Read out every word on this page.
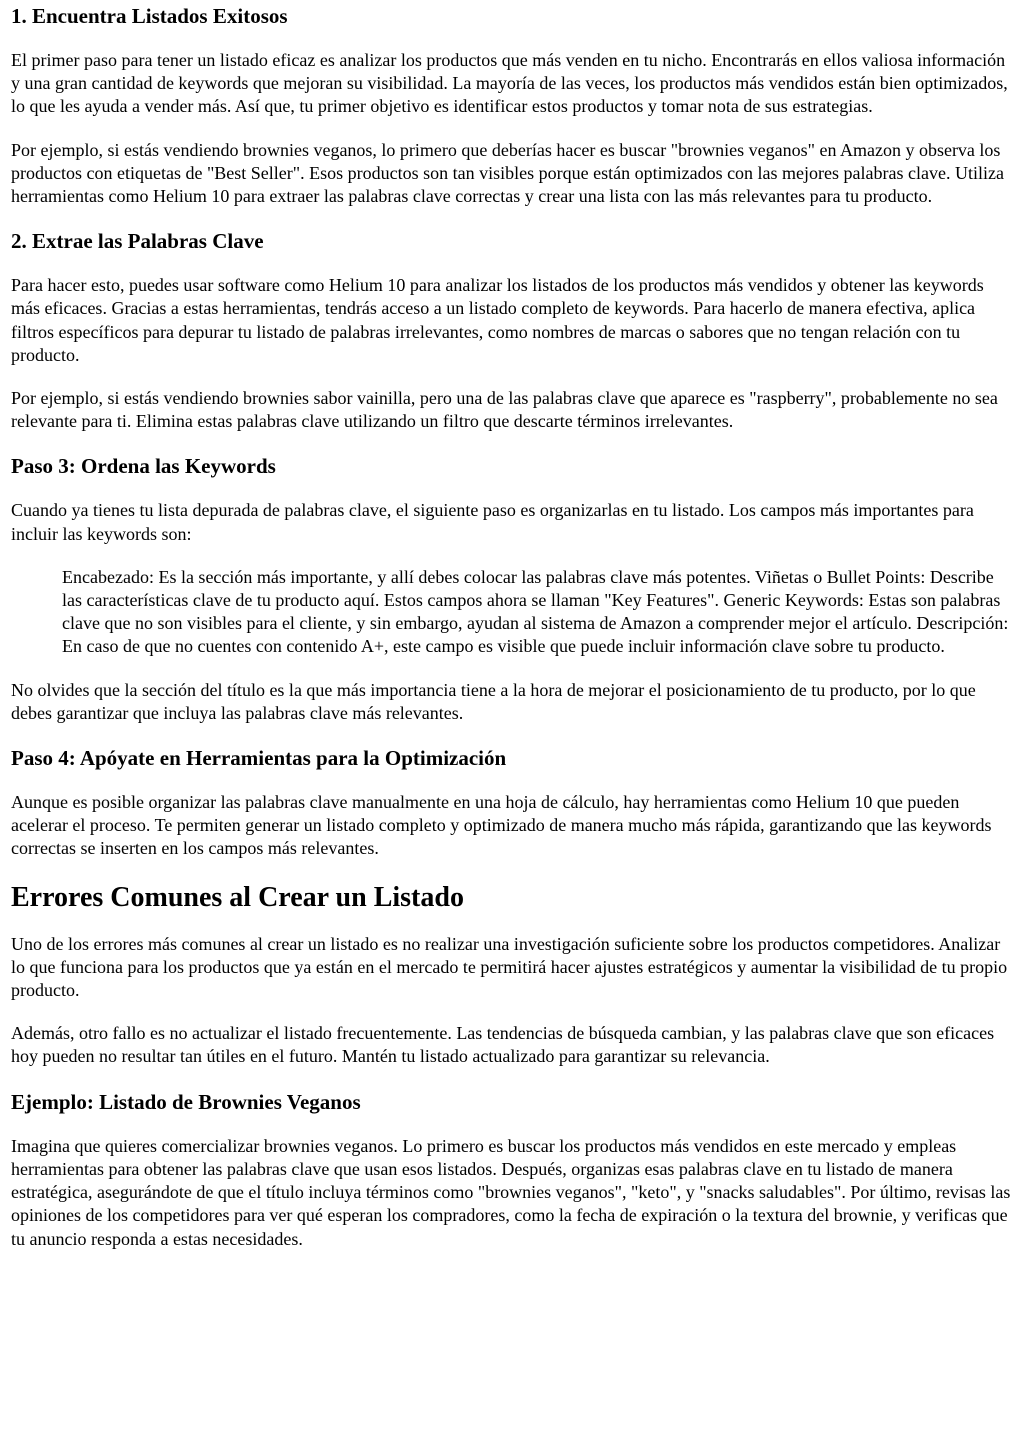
1. Encuentra Listados Exitosos

El primer paso para tener un listado eficaz es analizar los productos que más venden en tu nicho. Encontrarás en ellos valiosa información y una gran cantidad de keywords que mejoran su visibilidad. La mayoría de las veces, los productos más vendidos están bien optimizados, lo que les ayuda a vender más. Así que, tu primer objetivo es identificar estos productos y tomar nota de sus estrategias.

Por ejemplo, si estás vendiendo brownies veganos, lo primero que deberías hacer es buscar "brownies veganos" en Amazon y observa los productos con etiquetas de "Best Seller". Esos productos son tan visibles porque están optimizados con las mejores palabras clave. Utiliza herramientas como Helium 10 para extraer las palabras clave correctas y crear una lista con las más relevantes para tu producto.

2. Extrae las Palabras Clave

Para hacer esto, puedes usar software como Helium 10 para analizar los listados de los productos más vendidos y obtener las keywords más eficaces. Gracias a estas herramientas, tendrás acceso a un listado completo de keywords. Para hacerlo de manera efectiva, aplica filtros específicos para depurar tu listado de palabras irrelevantes, como nombres de marcas o sabores que no tengan relación con tu producto.

Por ejemplo, si estás vendiendo brownies sabor vainilla, pero una de las palabras clave que aparece es "raspberry", probablemente no sea relevante para ti. Elimina estas palabras clave utilizando un filtro que descarte términos irrelevantes.

Paso 3: Ordena las Keywords

Cuando ya tienes tu lista depurada de palabras clave, el siguiente paso es organizarlas en tu listado. Los campos más importantes para incluir las keywords son:

Encabezado: Es la sección más importante, y allí debes colocar las palabras clave más potentes. Viñetas o Bullet Points: Describe las características clave de tu producto aquí. Estos campos ahora se llaman "Key Features". Generic Keywords: Estas son palabras clave que no son visibles para el cliente, y sin embargo, ayudan al sistema de Amazon a comprender mejor el artículo. Descripción: En caso de que no cuentes con contenido A+, este campo es visible que puede incluir información clave sobre tu producto.

No olvides que la sección del título es la que más importancia tiene a la hora de mejorar el posicionamiento de tu producto, por lo que debes garantizar que incluya las palabras clave más relevantes.

Paso 4: Apóyate en Herramientas para la Optimización

Aunque es posible organizar las palabras clave manualmente en una hoja de cálculo, hay herramientas como Helium 10 que pueden acelerar el proceso. Te permiten generar un listado completo y optimizado de manera mucho más rápida, garantizando que las keywords correctas se inserten en los campos más relevantes.

Errores Comunes al Crear un Listado

Uno de los errores más comunes al crear un listado es no realizar una investigación suficiente sobre los productos competidores. Analizar lo que funciona para los productos que ya están en el mercado te permitirá hacer ajustes estratégicos y aumentar la visibilidad de tu propio producto.

Además, otro fallo es no actualizar el listado frecuentemente. Las tendencias de búsqueda cambian, y las palabras clave que son eficaces hoy pueden no resultar tan útiles en el futuro. Mantén tu listado actualizado para garantizar su relevancia.

Ejemplo: Listado de Brownies Veganos

Imagina que quieres comercializar brownies veganos. Lo primero es buscar los productos más vendidos en este mercado y empleas herramientas para obtener las palabras clave que usan esos listados. Después, organizas esas palabras clave en tu listado de manera estratégica, asegurándote de que el título incluya términos como "brownies veganos", "keto", y "snacks saludables". Por último, revisas las opiniones de los competidores para ver qué esperan los compradores, como la fecha de expiración o la textura del brownie, y verificas que tu anuncio responda a estas necesidades.
